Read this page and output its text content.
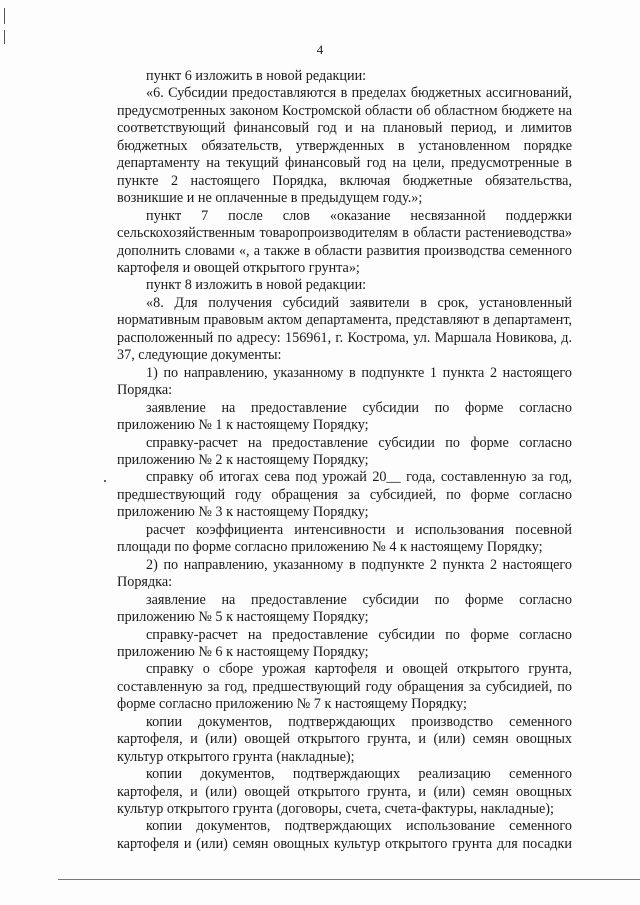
4

пункт 6 изложить в новой редакции:

«6. Субсидии предоставляются в пределах бюджетных ассигнований, предусмотренных законом Костромской области об областном бюджете на соответствующий финансовый год и на плановый период, и лимитов бюджетных обязательств, утвержденных в установленном порядке департаменту на текущий финансовый год на цели, предусмотренные в пункте 2 настоящего Порядка, включая бюджетные обязательства, возникшие и не оплаченные в предыдущем году.»;

пункт 7 после слов «оказание несвязанной поддержки сельскохозяйственным товаропроизводителям в области растениеводства» дополнить словами «, а также в области развития производства семенного картофеля и овощей открытого грунта»;

пункт 8 изложить в новой редакции:

«8. Для получения субсидий заявители в срок, установленный нормативным правовым актом департамента, представляют в департамент, расположенный по адресу: 156961, г. Кострома, ул. Маршала Новикова, д. 37, следующие документы:

1) по направлению, указанному в подпункте 1 пункта 2 настоящего Порядка:

заявление на предоставление субсидии по форме согласно приложению № 1 к настоящему Порядку;

справку-расчет на предоставление субсидии по форме согласно приложению № 2 к настоящему Порядку;

справку об итогах сева под урожай 20__ года, составленную за год, предшествующий году обращения за субсидией, по форме согласно приложению № 3 к настоящему Порядку;

расчет коэффициента интенсивности и использования посевной площади по форме согласно приложению № 4 к настоящему Порядку;

2) по направлению, указанному в подпункте 2 пункта 2 настоящего Порядка:

заявление на предоставление субсидии по форме согласно приложению № 5 к настоящему Порядку;

справку-расчет на предоставление субсидии по форме согласно приложению № 6 к настоящему Порядку;

справку о сборе урожая картофеля и овощей открытого грунта, составленную за год, предшествующий году обращения за субсидией, по форме согласно приложению № 7 к настоящему Порядку;

копии документов, подтверждающих производство семенного картофеля, и (или) овощей открытого грунта, и (или) семян овощных культур открытого грунта (накладные);

копии документов, подтверждающих реализацию семенного картофеля, и (или) овощей открытого грунта, и (или) семян овощных культур открытого грунта (договоры, счета, счета-фактуры, накладные);

копии документов, подтверждающих использование семенного картофеля и (или) семян овощных культур открытого грунта для посадки
